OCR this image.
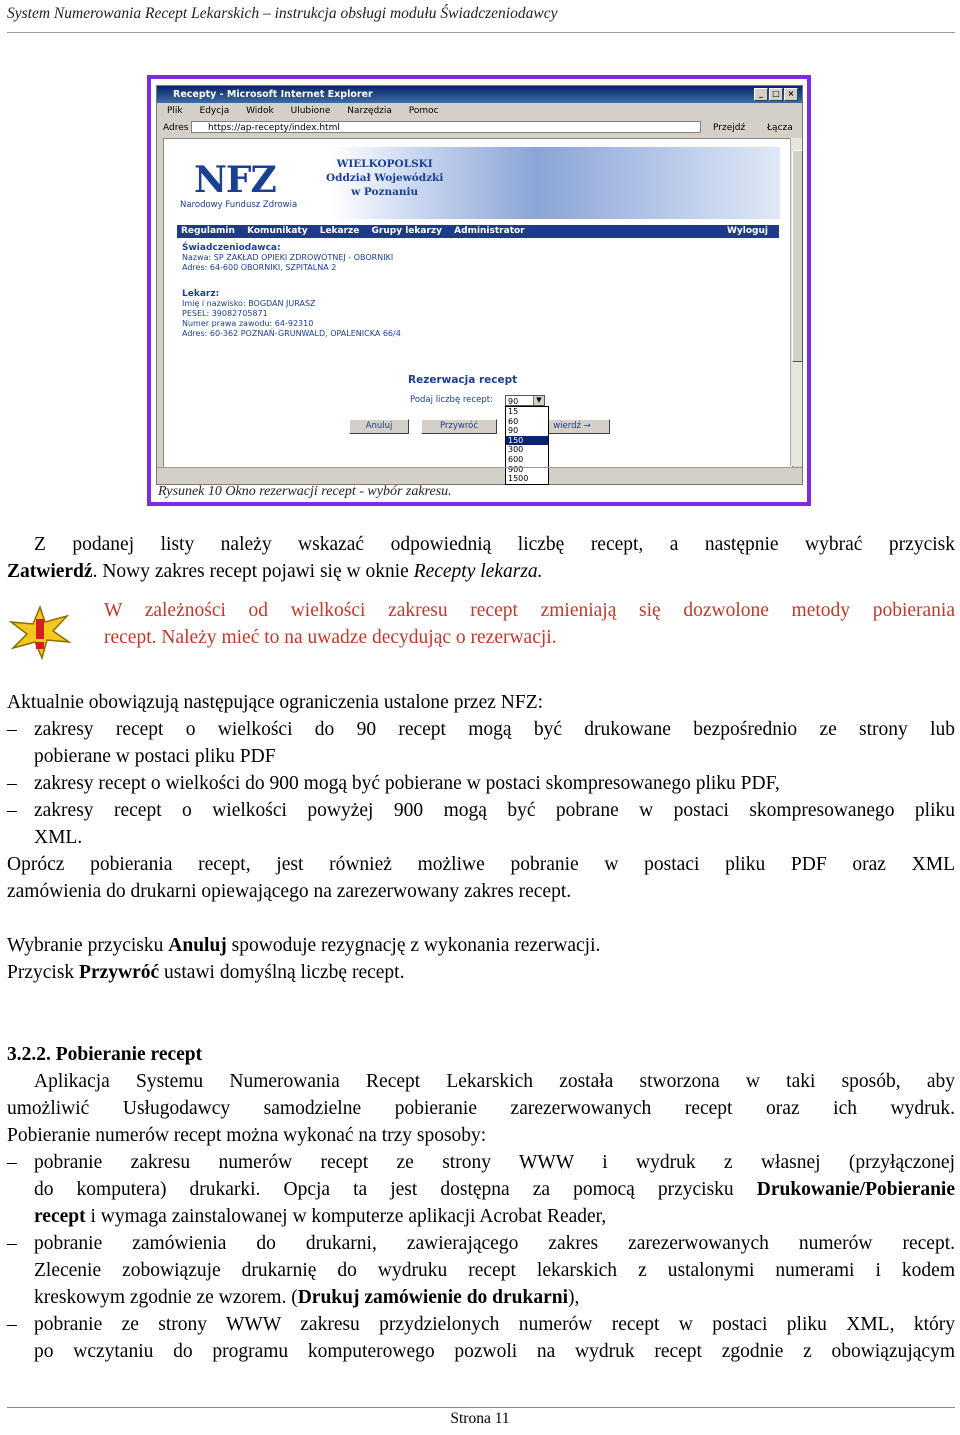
System Numerowania Recept Lekarskich – instrukcja obsługi modułu Świadczeniodawcy
Recepty - Microsoft Internet Explorer	_	□ ×
Plik Edycja Widok Ulubione Narzędzia Pomoc
Adres	https://ap-recepty/index.html	Przejdź Łącza
NFZ
Narodowy Fundusz Zdrowia
WIELKOPOLSKI
Oddział Wojewódzki
w Poznaniu
Regulamin Komunikaty Lekarze Grupy lekarzy Administrator	Wyloguj
Świadczeniodawca:
Nazwa: SP ZAKŁAD OPIEKI ZDROWOTNEJ - OBORNIKI
Adres: 64-600 OBORNIKI, SZPITALNA 2
Lekarz:
Imię i nazwisko: BOGDAN JURASZ
PESEL: 39082705871
Numer prawa zawodu: 64-92310
Adres: 60-362 POZNAŃ-GRUNWALD, OPALENICKA 66/4
Rezerwacja recept
Podaj liczbę recept:	90	▼
Anuluj	Przywróć	wierdź →
15
60
90
150
300
600
900
1500
Rysunek 10 Okno rezerwacji recept - wybór zakresu.
Z podanej listy należy wskazać odpowiednią liczbę recept, a następnie wybrać przycisk
Zatwierdź. Nowy zakres recept pojawi się w oknie Recepty lekarza.
W zależności od wielkości zakresu recept zmieniają się dozwolone metody pobierania
recept. Należy mieć to na uwadze decydując o rezerwacji.
Aktualnie obowiązują następujące ograniczenia ustalone przez NFZ:
– zakresy recept o wielkości do 90 recept mogą być drukowane bezpośrednio ze strony lub
pobierane w postaci pliku PDF
– zakresy recept o wielkości do 900 mogą być pobierane w postaci skompresowanego pliku PDF,
– zakresy recept o wielkości powyżej 900 mogą być pobrane w postaci skompresowanego pliku
XML.
Oprócz pobierania recept, jest również możliwe pobranie w postaci pliku PDF oraz XML
zamówienia do drukarni opiewającego na zarezerwowany zakres recept.
Wybranie przycisku Anuluj spowoduje rezygnację z wykonania rezerwacji.
Przycisk Przywróć ustawi domyślną liczbę recept.
3.2.2. Pobieranie recept
Aplikacja Systemu Numerowania Recept Lekarskich została stworzona w taki sposób, aby
umożliwić Usługodawcy samodzielne pobieranie zarezerwowanych recept oraz ich wydruk.
Pobieranie numerów recept można wykonać na trzy sposoby:
– pobranie zakresu numerów recept ze strony WWW i wydruk z własnej (przyłączonej
do komputera) drukarki. Opcja ta jest dostępna za pomocą przycisku Drukowanie/Pobieranie
recept i wymaga zainstalowanej w komputerze aplikacji Acrobat Reader,
– pobranie zamówienia do drukarni, zawierającego zakres zarezerwowanych numerów recept.
Zlecenie zobowiązuje drukarnię do wydruku recept lekarskich z ustalonymi numerami i kodem
kreskowym zgodnie ze wzorem. (Drukuj zamówienie do drukarni),
– pobranie ze strony WWW zakresu przydzielonych numerów recept w postaci pliku XML, który
po wczytaniu do programu komputerowego pozwoli na wydruk recept zgodnie z obowiązującym
Strona 11
